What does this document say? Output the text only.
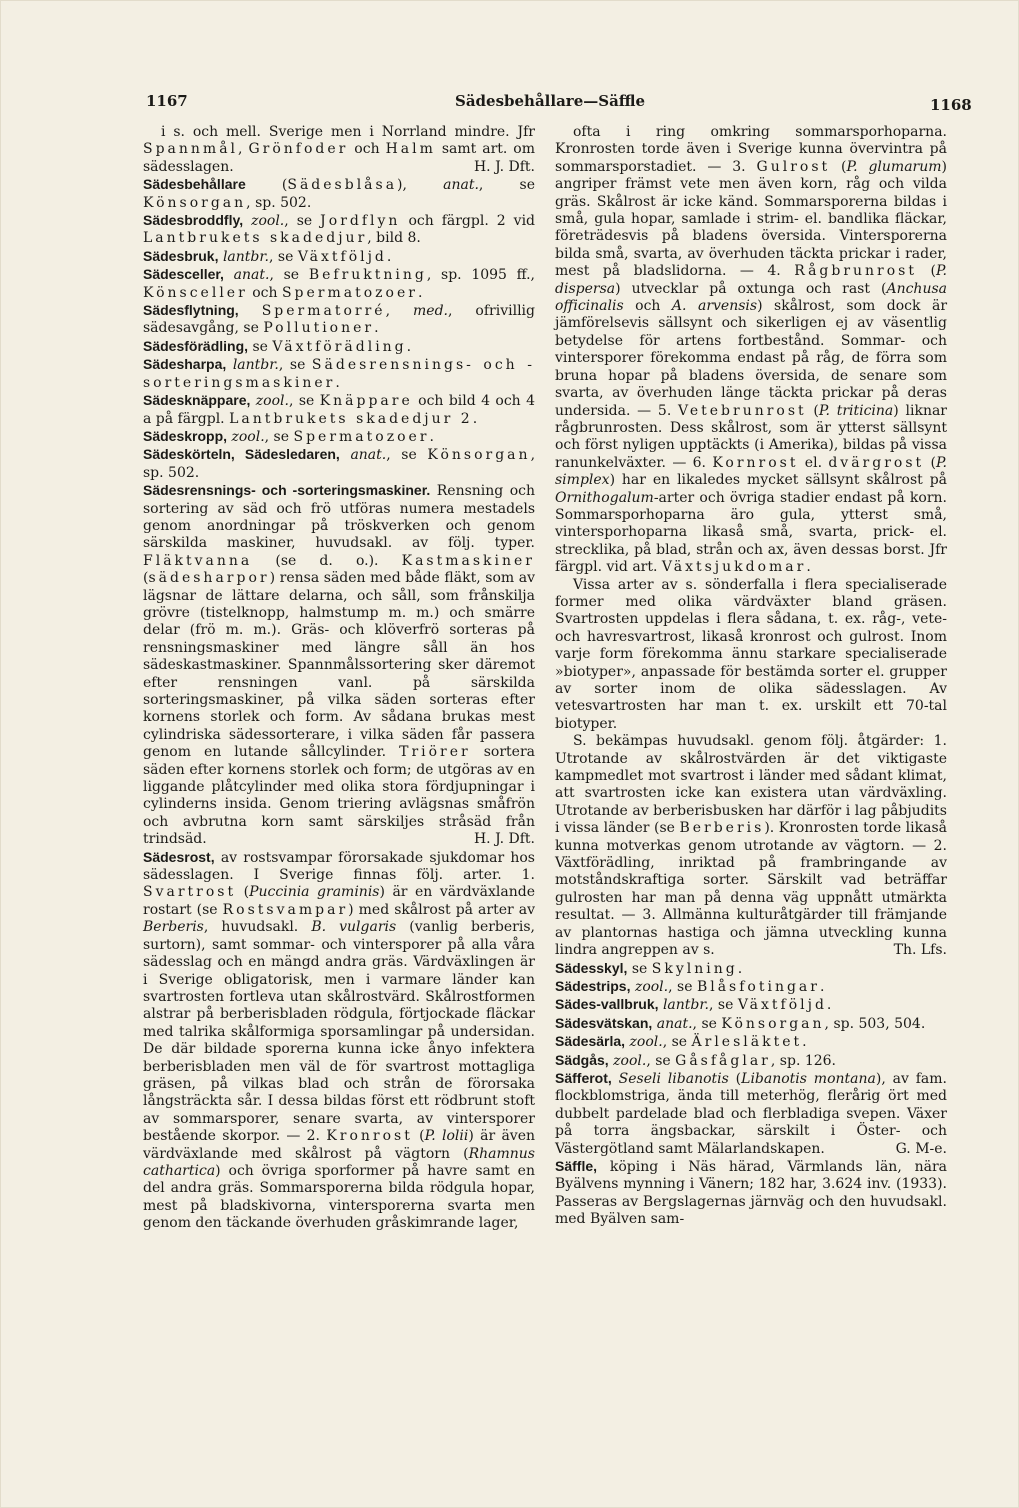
1167	Sädesbehållare—Säffle	1168

i s. och mell. Sverige men i Norrland mindre. Jfr Spannmål, Grönfoder och Halm samt art. om sädesslagen.	H. J. Dft.

Sädesbehållare (Sädesblåsa), anat., se Könsorgan, sp. 502.

Sädesbroddfly, zool., se Jordflyn och färgpl. 2 vid Lantbrukets skadedjur, bild 8.

Sädesbruk, lantbr., se Växtföljd.

Sädesceller, anat., se Befruktning, sp. 1095 ff., Könsceller och Spermatozoer.

Sädesflytning, Spermatorré, med., ofrivillig sädesavgång, se Pollutioner.

Sädesförädling, se Växtförädling.

Sädesharpa, lantbr., se Sädesrensnings- och -sorteringsmaskiner.

Sädesknäppare, zool., se Knäppare och bild 4 och 4 a på färgpl. Lantbrukets skadedjur 2.

Sädeskropp, zool., se Spermatozoer.

Sädeskörteln, Sädesledaren, anat., se Könsorgan, sp. 502.

Sädesrensnings- och -sorteringsmaskiner. Rensning och sortering av säd och frö utföras numera mestadels genom anordningar på tröskverken och genom särskilda maskiner, huvudsakl. av följ. typer. Fläktvanna (se d. o.). Kastmaskiner (sädesharpor) rensa säden med både fläkt, som av lägsnar de lättare delarna, och såll, som frånskilja grövre (tistelknopp, halmstump m. m.) och smärre delar (frö m. m.). Gräs- och klöverfrö sorteras på rensningsmaskiner med längre såll än hos sädeskastmaskiner. Spannmålssortering sker däremot efter rensningen vanl. på särskilda sorteringsmaskiner, på vilka säden sorteras efter kornens storlek och form. Av sådana brukas mest cylindriska sädessorterare, i vilka säden får passera genom en lutande sållcylinder. Triörer sortera säden efter kornens storlek och form; de utgöras av en liggande plåtcylinder med olika stora fördjupningar i cylinderns insida. Genom triering avlägsnas småfrön och avbrutna korn samt särskiljes stråsäd från trindsäd.	H. J. Dft.

Sädesrost, av rostsvampar förorsakade sjukdomar hos sädesslagen. I Sverige finnas följ. arter. 1. Svartrost (Puccinia graminis) är en värdväxlande rostart (se Rostsvampar) med skålrost på arter av Berberis, huvudsakl. B. vulgaris (vanlig berberis, surtorn), samt sommar- och vintersporer på alla våra sädesslag och en mängd andra gräs. Värdväxlingen är i Sverige obligatorisk, men i varmare länder kan svartrosten fortleva utan skålrostvärd. Skålrostformen alstrar på berberisbladen rödgula, förtjockade fläckar med talrika skålformiga sporsamlingar på undersidan. De där bildade sporerna kunna icke ånyo infektera berberisbladen men väl de för svartrost mottagliga gräsen, på vilkas blad och strån de förorsaka långsträckta sår. I dessa bildas först ett rödbrunt stoft av sommarsporer, senare svarta, av vintersporer bestående skorpor. — 2. Kronrost (P. lolii) är även värdväxlande med skålrost på vägtorn (Rhamnus cathartica) och övriga sporformer på havre samt en del andra gräs. Sommarsporerna bilda rödgula hopar, mest på bladskivorna, vintersporerna svarta men genom den täckande överhuden gråskimrande lager,

ofta i ring omkring sommarsporhoparna. Kronrosten torde även i Sverige kunna övervintra på sommarsporstadiet. — 3. Gulrost (P. glumarum) angriper främst vete men även korn, råg och vilda gräs. Skålrost är icke känd. Sommarsporerna bildas i små, gula hopar, samlade i strim- el. bandlika fläckar, företrädesvis på bladens översida. Vintersporerna bilda små, svarta, av överhuden täckta prickar i rader, mest på bladslidorna. — 4. Rågbrunrost (P. dispersa) utvecklar på oxtunga och rast (Anchusa officinalis och A. arvensis) skålrost, som dock är jämförelsevis sällsynt och sikerligen ej av väsentlig betydelse för artens fortbestånd. Sommar- och vintersporer förekomma endast på råg, de förra som bruna hopar på bladens översida, de senare som svarta, av överhuden länge täckta prickar på deras undersida. — 5. Vetebrunrost (P. triticina) liknar rågbrunrosten. Dess skålrost, som är ytterst sällsynt och först nyligen upptäckts (i Amerika), bildas på vissa ranunkelväxter. — 6. Kornrost el. dvärgrost (P. simplex) har en likaledes mycket sällsynt skålrost på Ornithogalum-arter och övriga stadier endast på korn. Sommarsporhoparna äro gula, ytterst små, vintersporhoparna likaså små, svarta, prick- el. strecklika, på blad, strån och ax, även dessas borst. Jfr färgpl. vid art. Växtsjukdomar.

Vissa arter av s. sönderfalla i flera specialiserade former med olika värdväxter bland gräsen. Svartrosten uppdelas i flera sådana, t. ex. råg-, vete- och havresvartrost, likaså kronrost och gulrost. Inom varje form förekomma ännu starkare specialiserade »biotyper», anpassade för bestämda sorter el. grupper av sorter inom de olika sädesslagen. Av vetesvartrosten har man t. ex. urskilt ett 70-tal biotyper.

S. bekämpas huvudsakl. genom följ. åtgärder: 1. Utrotande av skålrostvärden är det viktigaste kampmedlet mot svartrost i länder med sådant klimat, att svartrosten icke kan existera utan värdväxling. Utrotande av berberisbusken har därför i lag påbjudits i vissa länder (se Berberis). Kronrosten torde likaså kunna motverkas genom utrotande av vägtorn. — 2. Växtförädling, inriktad på frambringande av motståndskraftiga sorter. Särskilt vad beträffar gulrosten har man på denna väg uppnått utmärkta resultat. — 3. Allmänna kulturåtgärder till främjande av plantornas hastiga och jämna utveckling kunna lindra angreppen av s.	Th. Lfs.

Sädesskyl, se Skylning.

Sädestrips, zool., se Blåsfotingar.

Sädes-vallbruk, lantbr., se Växtföljd.

Sädesvätskan, anat., se Könsorgan, sp. 503, 504.

Sädesärla, zool., se Ärlesläktet.

Sädgås, zool., se Gåsfåglar, sp. 126.

Säfferot, Seseli libanotis (Libanotis montana), av fam. flockblomstriga, ända till meterhög, flerårig ört med dubbelt pardelade blad och flerbladiga svepen. Växer på torra ängsbackar, särskilt i Öster- och Västergötland samt Mälarlandskapen.	G. M-e.

Säffle, köping i Näs härad, Värmlands län, nära Byälvens mynning i Vänern; 182 har, 3.624 inv. (1933). Passeras av Bergslagernas järnväg och den huvudsakl. med Byälven sam-
